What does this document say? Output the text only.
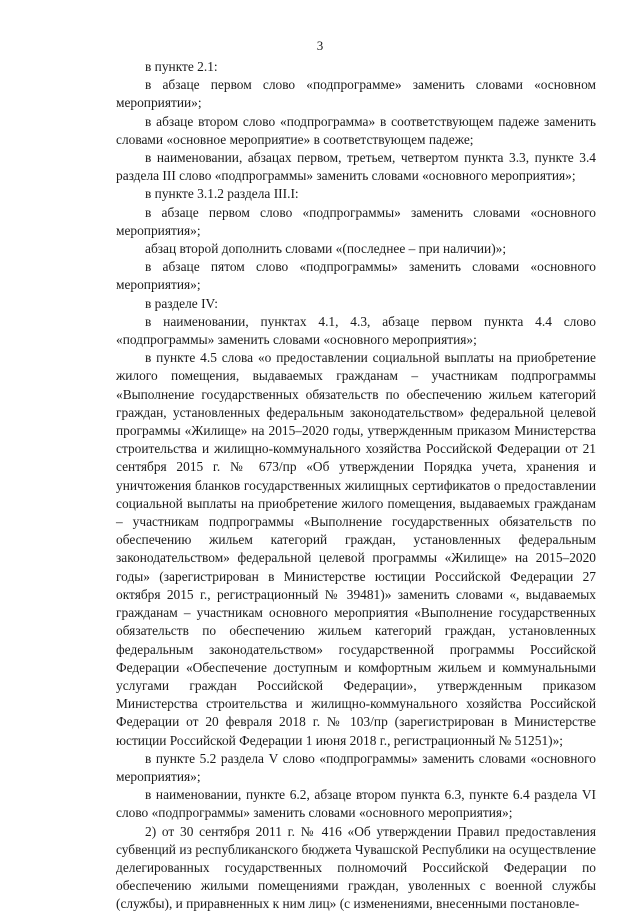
3

в пункте 2.1:

в абзаце первом слово «подпрограмме» заменить словами «основном мероприятии»;

в абзаце втором слово «подпрограмма» в соответствующем падеже заменить словами «основное мероприятие» в соответствующем падеже;

в наименовании, абзацах первом, третьем, четвертом пункта 3.3, пункте 3.4 раздела III слово «подпрограммы» заменить словами «основного мероприятия»;

в пункте 3.1.2 раздела III.I:

в абзаце первом слово «подпрограммы» заменить словами «основного мероприятия»;

абзац второй дополнить словами «(последнее – при наличии)»;

в абзаце пятом слово «подпрограммы» заменить словами «основного мероприятия»;

в разделе IV:

в наименовании, пунктах 4.1, 4.3, абзаце первом пункта 4.4 слово «подпрограммы» заменить словами «основного мероприятия»;

в пункте 4.5 слова «о предоставлении социальной выплаты на приобретение жилого помещения, выдаваемых гражданам – участникам подпрограммы «Выполнение государственных обязательств по обеспечению жильем категорий граждан, установленных федеральным законодательством» федеральной целевой программы «Жилище» на 2015–2020 годы, утвержденным приказом Министерства строительства и жилищно-коммунального хозяйства Российской Федерации от 21 сентября 2015 г. № 673/пр «Об утверждении Порядка учета, хранения и уничтожения бланков государственных жилищных сертификатов о предоставлении социальной выплаты на приобретение жилого помещения, выдаваемых гражданам – участникам подпрограммы «Выполнение государственных обязательств по обеспечению жильем категорий граждан, установленных федеральным законодательством» федеральной целевой программы «Жилище» на 2015–2020 годы» (зарегистрирован в Министерстве юстиции Российской Федерации 27 октября 2015 г., регистрационный № 39481)» заменить словами «, выдаваемых гражданам – участникам основного мероприятия «Выполнение государственных обязательств по обеспечению жильем категорий граждан, установленных федеральным законодательством» государственной программы Российской Федерации «Обеспечение доступным и комфортным жильем и коммунальными услугами граждан Российской Федерации», утвержденным приказом Министерства строительства и жилищно-коммунального хозяйства Российской Федерации от 20 февраля 2018 г. № 103/пр (зарегистрирован в Министерстве юстиции Российской Федерации 1 июня 2018 г., регистрационный № 51251)»;

в пункте 5.2 раздела V слово «подпрограммы» заменить словами «основного мероприятия»;

в наименовании, пункте 6.2, абзаце втором пункта 6.3, пункте 6.4 раздела VI слово «подпрограммы» заменить словами «основного мероприятия»;

2) от 30 сентября 2011 г. № 416 «Об утверждении Правил предоставления субвенций из республиканского бюджета Чувашской Республики на осуществление делегированных государственных полномочий Российской Федерации по обеспечению жилыми помещениями граждан, уволенных с военной службы (службы), и приравненных к ним лиц» (с изменениями, внесенными постановле-
